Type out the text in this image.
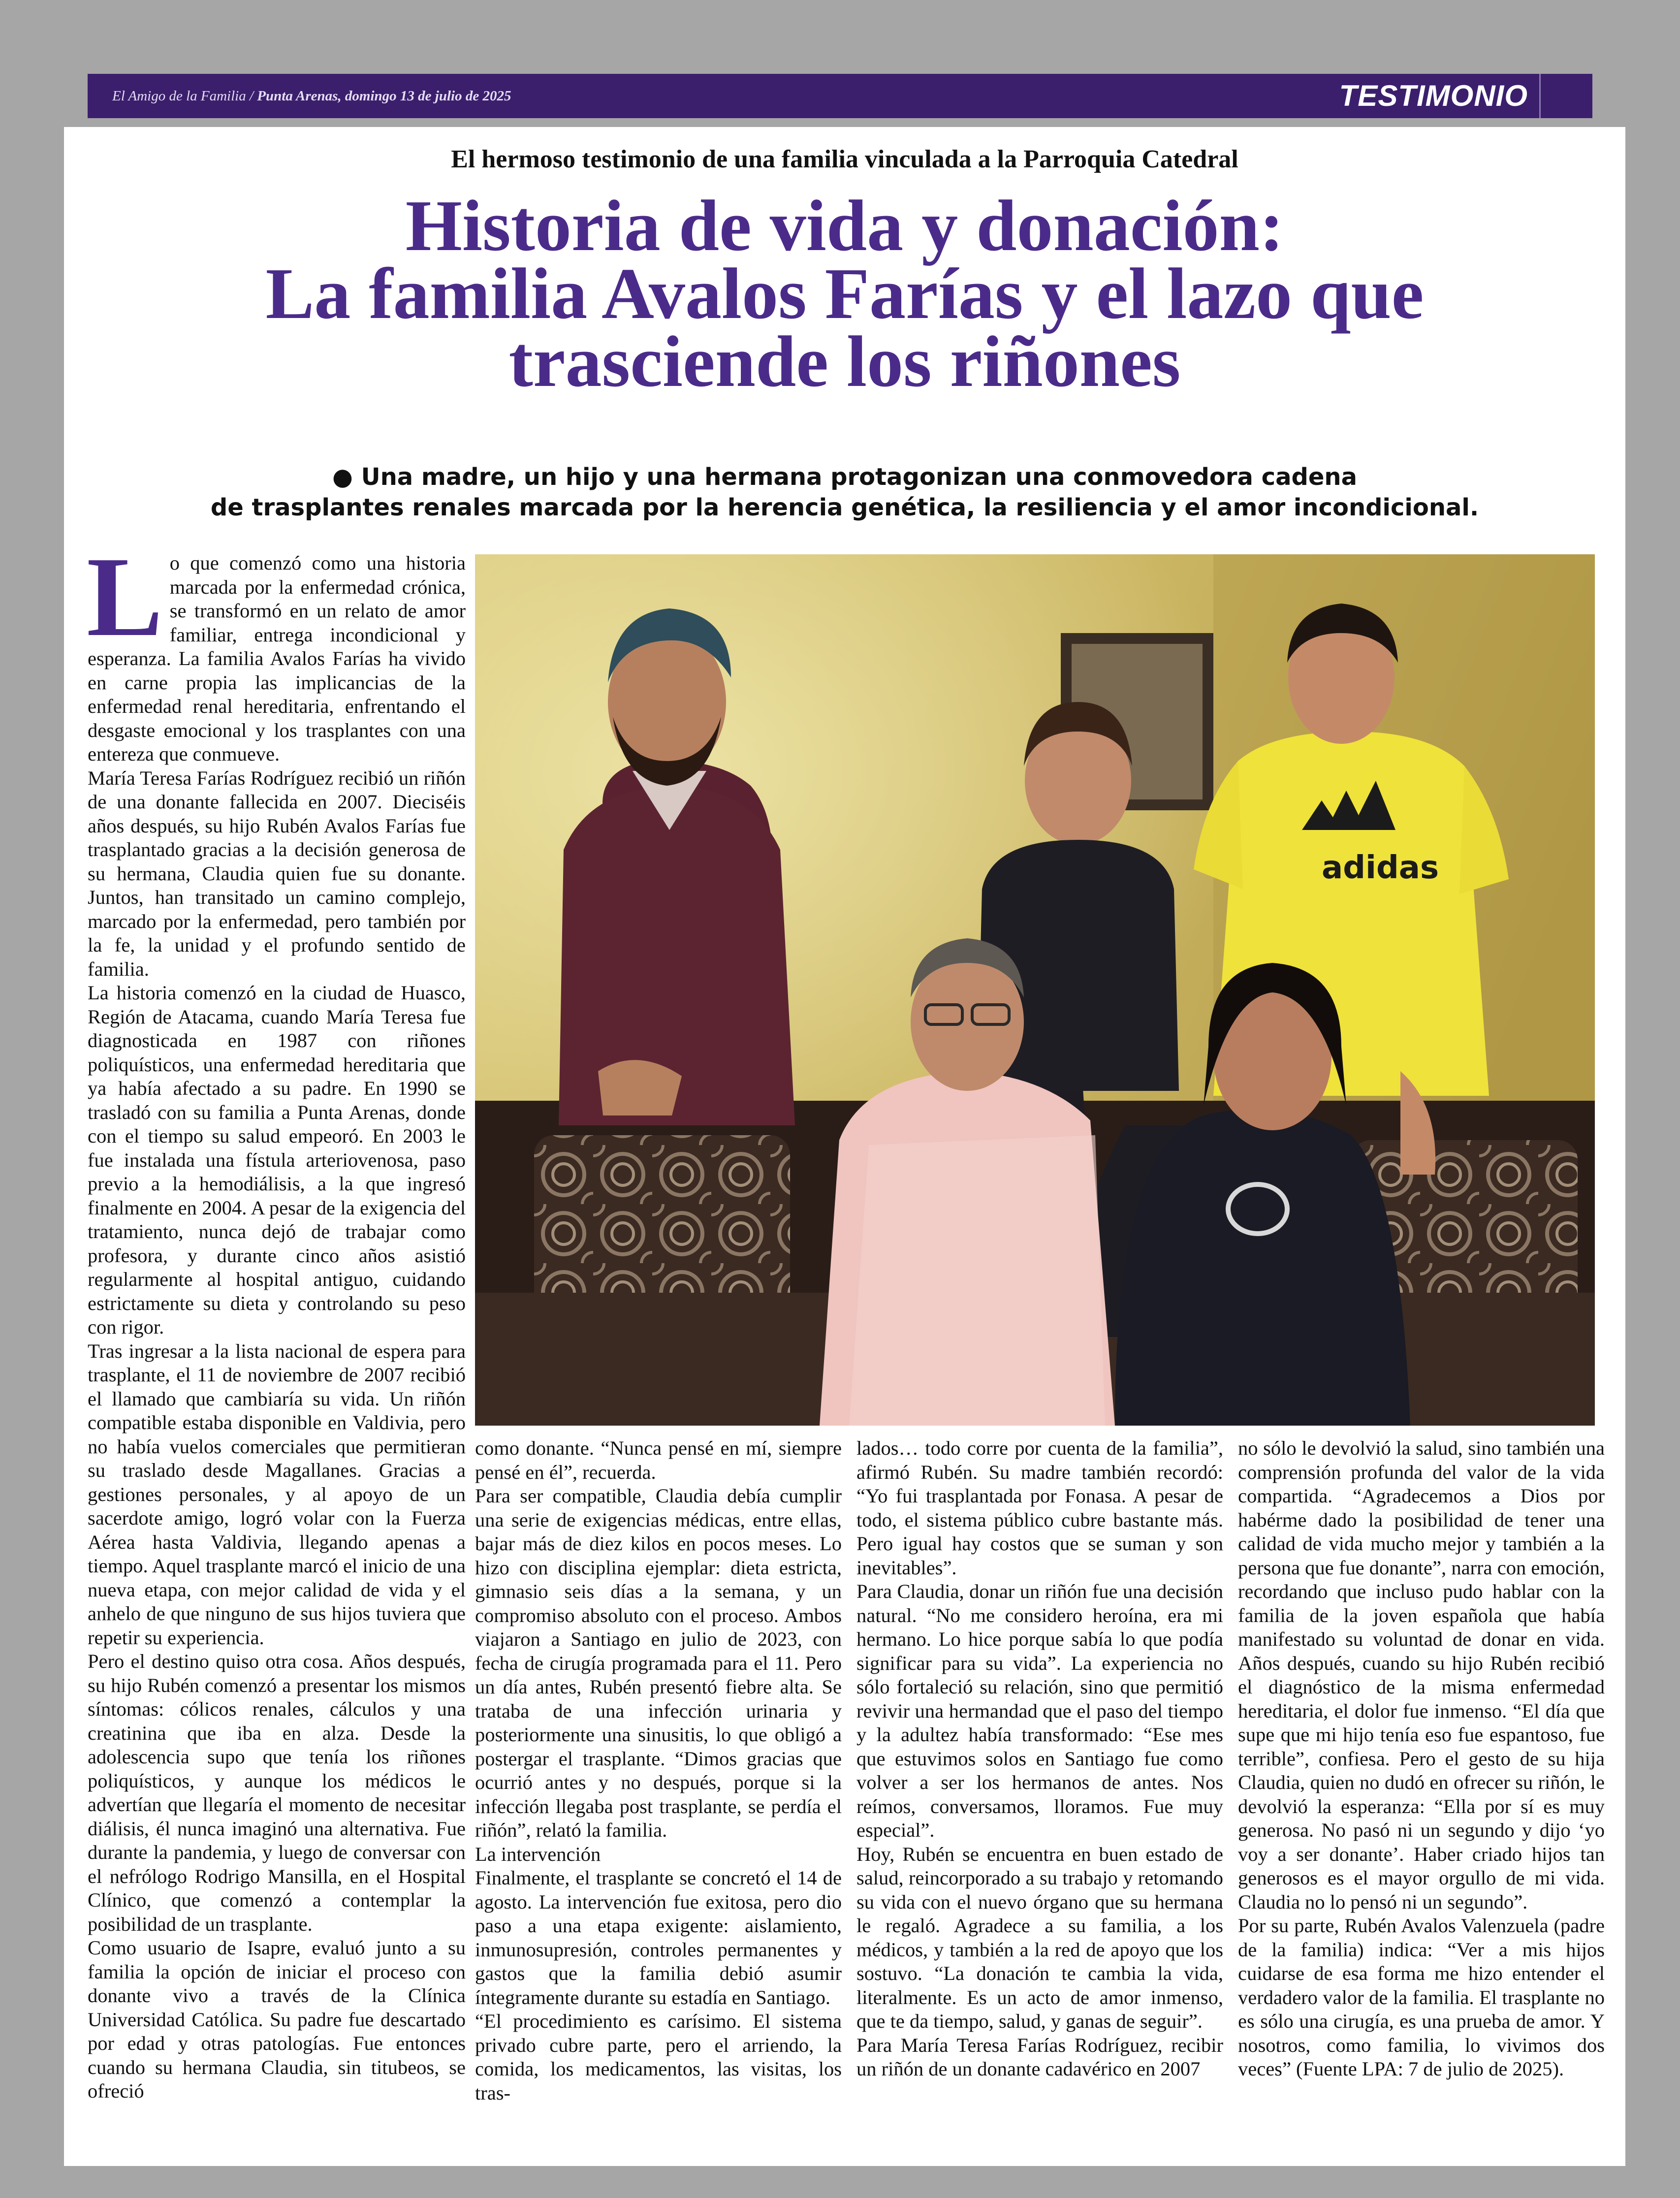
El Amigo de la Familia / Punta Arenas, domingo 13 de julio de 2025	TESTIMONIO
El hermoso testimonio de una familia vinculada a la Parroquia Catedral
Historia de vida y donación:
La familia Avalos Farías y el lazo que
trasciende los riñones
● Una madre, un hijo y una hermana protagonizan una conmovedora cadena
de trasplantes renales marcada por la herencia genética, la resiliencia y el amor incondicional.
adidas

Lo que comenzó como una historia marcada por la enfermedad crónica, se transformó en un relato de amor familiar, entrega incondicional y esperanza. La familia Avalos Farías ha vivido en carne propia las implicancias de la enfermedad renal hereditaria, enfrentando el desgaste emocional y los trasplantes con una entereza que conmueve.

María Teresa Farías Rodríguez recibió un riñón de una donante fallecida en 2007. Dieciséis años después, su hijo Rubén Avalos Farías fue trasplantado gracias a la decisión generosa de su hermana, Claudia quien fue su donante. Juntos, han transitado un camino complejo, marcado por la enfermedad, pero también por la fe, la unidad y el profundo sentido de familia.

La historia comenzó en la ciudad de Huasco, Región de Atacama, cuando María Teresa fue diagnosticada en 1987 con riñones poliquísticos, una enfermedad hereditaria que ya había afectado a su padre. En 1990 se trasladó con su familia a Punta Arenas, donde con el tiempo su salud empeoró. En 2003 le fue instalada una fístula arteriovenosa, paso previo a la hemodiálisis, a la que ingresó finalmente en 2004. A pesar de la exigencia del tratamiento, nunca dejó de trabajar como profesora, y durante cinco años asistió regularmente al hospital antiguo, cuidando estrictamente su dieta y controlando su peso con rigor.

Tras ingresar a la lista nacional de espera para trasplante, el 11 de noviembre de 2007 recibió el llamado que cambiaría su vida. Un riñón compatible estaba disponible en Valdivia, pero no había vuelos comerciales que permitieran su traslado desde Magallanes. Gracias a gestiones personales, y al apoyo de un sacerdote amigo, logró volar con la Fuerza Aérea hasta Valdivia, llegando apenas a tiempo. Aquel trasplante marcó el inicio de una nueva etapa, con mejor calidad de vida y el anhelo de que ninguno de sus hijos tuviera que repetir su experiencia.

Pero el destino quiso otra cosa. Años después, su hijo Rubén comenzó a presentar los mismos síntomas: cólicos renales, cálculos y una creatinina que iba en alza. Desde la adolescencia supo que tenía los riñones poliquísticos, y aunque los médicos le advertían que llegaría el momento de necesitar diálisis, él nunca imaginó una alternativa. Fue durante la pandemia, y luego de conversar con el nefrólogo Rodrigo Mansilla, en el Hospital Clínico, que comenzó a contemplar la posibilidad de un trasplante.

Como usuario de Isapre, evaluó junto a su familia la opción de iniciar el proceso con donante vivo a través de la Clínica Universidad Católica. Su padre fue descartado por edad y otras patologías. Fue entonces cuando su hermana Claudia, sin titubeos, se ofreció

como donante. “Nunca pensé en mí, siempre pensé en él”, recuerda.

Para ser compatible, Claudia debía cumplir una serie de exigencias médicas, entre ellas, bajar más de diez kilos en pocos meses. Lo hizo con disciplina ejemplar: dieta estricta, gimnasio seis días a la semana, y un compromiso absoluto con el proceso. Ambos viajaron a Santiago en julio de 2023, con fecha de cirugía programada para el 11. Pero un día antes, Rubén presentó fiebre alta. Se trataba de una infección urinaria y posteriormente una sinusitis, lo que obligó a postergar el trasplante. “Dimos gracias que ocurrió antes y no después, porque si la infección llegaba post trasplante, se perdía el riñón”, relató la familia.

La intervención

Finalmente, el trasplante se concretó el 14 de agosto. La intervención fue exitosa, pero dio paso a una etapa exigente: aislamiento, inmunosupresión, controles permanentes y gastos que la familia debió asumir íntegramente durante su estadía en Santiago.

“El procedimiento es carísimo. El sistema privado cubre parte, pero el arriendo, la comida, los medicamentos, las visitas, los tras-

lados… todo corre por cuenta de la familia”, afirmó Rubén. Su madre también recordó: “Yo fui trasplantada por Fonasa. A pesar de todo, el sistema público cubre bastante más. Pero igual hay costos que se suman y son inevitables”.

Para Claudia, donar un riñón fue una decisión natural. “No me considero heroína, era mi hermano. Lo hice porque sabía lo que podía significar para su vida”. La experiencia no sólo fortaleció su relación, sino que permitió revivir una hermandad que el paso del tiempo y la adultez había transformado: “Ese mes que estuvimos solos en Santiago fue como volver a ser los hermanos de antes. Nos reímos, conversamos, lloramos. Fue muy especial”.

Hoy, Rubén se encuentra en buen estado de salud, reincorporado a su trabajo y retomando su vida con el nuevo órgano que su hermana le regaló. Agradece a su familia, a los médicos, y también a la red de apoyo que los sostuvo. “La donación te cambia la vida, literalmente. Es un acto de amor inmenso, que te da tiempo, salud, y ganas de seguir”.

Para María Teresa Farías Rodríguez, recibir un riñón de un donante cadavérico en 2007

no sólo le devolvió la salud, sino también una comprensión profunda del valor de la vida compartida. “Agradecemos a Dios por habérme dado la posibilidad de tener una calidad de vida mucho mejor y también a la persona que fue donante”, narra con emoción, recordando que incluso pudo hablar con la familia de la joven española que había manifestado su voluntad de donar en vida. Años después, cuando su hijo Rubén recibió el diagnóstico de la misma enfermedad hereditaria, el dolor fue inmenso. “El día que supe que mi hijo tenía eso fue espantoso, fue terrible”, confiesa. Pero el gesto de su hija Claudia, quien no dudó en ofrecer su riñón, le devolvió la esperanza: “Ella por sí es muy generosa. No pasó ni un segundo y dijo ‘yo voy a ser donante’. Haber criado hijos tan generosos es el mayor orgullo de mi vida. Claudia no lo pensó ni un segundo”.

Por su parte, Rubén Avalos Valenzuela (padre de la familia) indica: “Ver a mis hijos cuidarse de esa forma me hizo entender el verdadero valor de la familia. El trasplante no es sólo una cirugía, es una prueba de amor. Y nosotros, como familia, lo vivimos dos veces” (Fuente LPA: 7 de julio de 2025).
